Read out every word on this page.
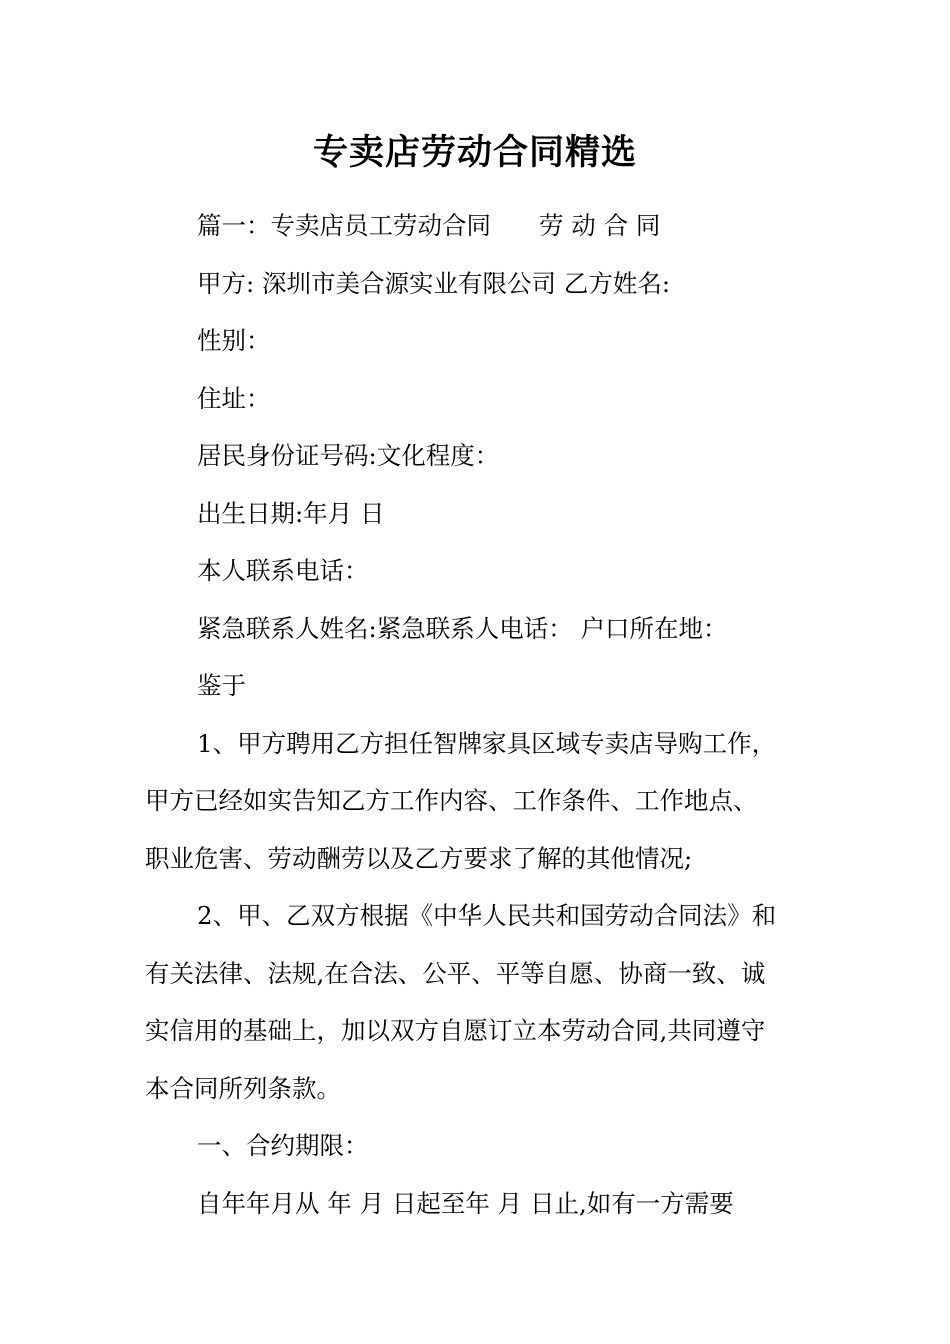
专卖店劳动合同精选
篇一：专卖店员工劳动合同 劳 动 合 同
甲方: 深圳市美合源实业有限公司 乙方姓名:
性别：
住址：
居民身份证号码:文化程度：
出生日期:年月 日
本人联系电话：
紧急联系人姓名:紧急联系人电话： 户口所在地：
鉴于
1、甲方聘用乙方担任智牌家具区域专卖店导购工作，
甲方已经如实告知乙方工作内容、工作条件、工作地点、
职业危害、劳动酬劳以及乙方要求了解的其他情况;
2、甲、乙双方根据《中华人民共和国劳动合同法》和
有关法律、法规,在合法、公平、平等自愿、协商一致、诚
实信用的基础上，加以双方自愿订立本劳动合同,共同遵守
本合同所列条款。
一、合约期限：
自年年月从 年 月 日起至年 月 日止,如有一方需要
